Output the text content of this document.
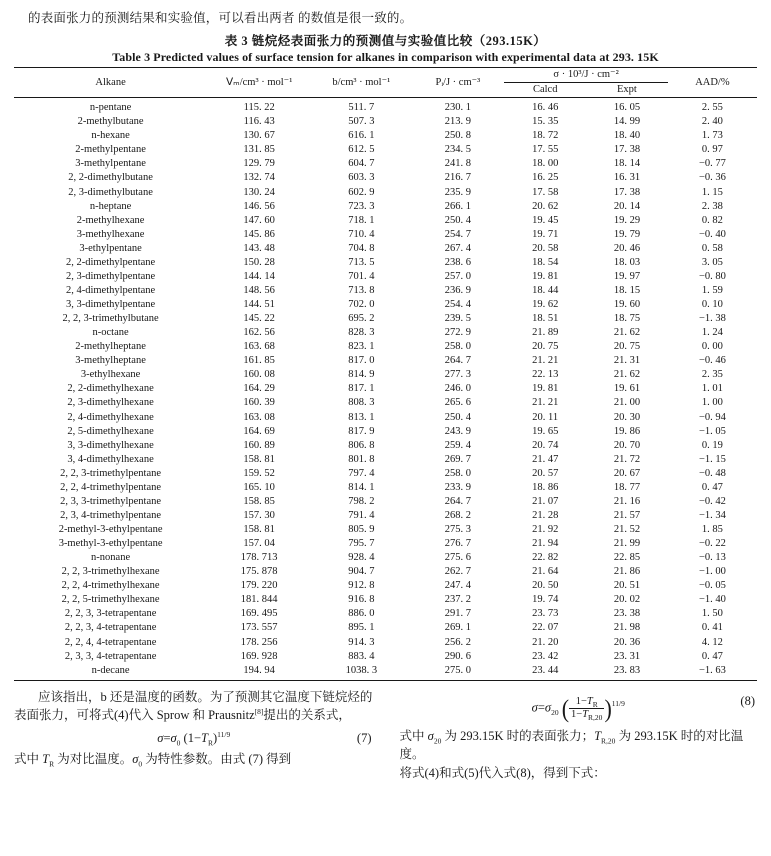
的表面张力的预测结果和实验值，可以看出两者 的数值是很一致的。
表 3 链烷烃表面张力的预测值与实验值比较（293.15K）
Table 3 Predicted values of surface tension for alkanes in comparison with experimental data at 293. 15K
Alkane	Ⅴₘ/cm³ · mol⁻¹	b/cm³ · mol⁻¹	Pᵢ/J · cm⁻³	σ · 10³/J · cm⁻²		AAD/%
				Calcd	Expt	
n-pentane	115. 22	511. 7	230. 1	16. 46	16. 05	2. 55
2-methylbutane	116. 43	507. 3	213. 9	15. 35	14. 99	2. 40
n-hexane	130. 67	616. 1	250. 8	18. 72	18. 40	1. 73
2-methylpentane	131. 85	612. 5	234. 5	17. 55	17. 38	0. 97
3-methylpentane	129. 79	604. 7	241. 8	18. 00	18. 14	−0. 77
2, 2-dimethylbutane	132. 74	603. 3	216. 7	16. 25	16. 31	−0. 36
2, 3-dimethylbutane	130. 24	602. 9	235. 9	17. 58	17. 38	1. 15
n-heptane	146. 56	723. 3	266. 1	20. 62	20. 14	2. 38
2-methylhexane	147. 60	718. 1	250. 4	19. 45	19. 29	0. 82
3-methylhexane	145. 86	710. 4	254. 7	19. 71	19. 79	−0. 40
3-ethylpentane	143. 48	704. 8	267. 4	20. 58	20. 46	0. 58
2, 2-dimethylpentane	150. 28	713. 5	238. 6	18. 54	18. 03	3. 05
2, 3-dimethylpentane	144. 14	701. 4	257. 0	19. 81	19. 97	−0. 80
2, 4-dimethylpentane	148. 56	713. 8	236. 9	18. 44	18. 15	1. 59
3, 3-dimethylpentane	144. 51	702. 0	254. 4	19. 62	19. 60	0. 10
2, 2, 3-trimethylbutane	145. 22	695. 2	239. 5	18. 51	18. 75	−1. 38
n-octane	162. 56	828. 3	272. 9	21. 89	21. 62	1. 24
2-methylheptane	163. 68	823. 1	258. 0	20. 75	20. 75	0. 00
3-methylheptane	161. 85	817. 0	264. 7	21. 21	21. 31	−0. 46
3-ethylhexane	160. 08	814. 9	277. 3	22. 13	21. 62	2. 35
2, 2-dimethylhexane	164. 29	817. 1	246. 0	19. 81	19. 61	1. 01
2, 3-dimethylhexane	160. 39	808. 3	265. 6	21. 21	21. 00	1. 00
2, 4-dimethylhexane	163. 08	813. 1	250. 4	20. 11	20. 30	−0. 94
2, 5-dimethylhexane	164. 69	817. 9	243. 9	19. 65	19. 86	−1. 05
3, 3-dimethylhexane	160. 89	806. 8	259. 4	20. 74	20. 70	0. 19
3, 4-dimethylhexane	158. 81	801. 8	269. 7	21. 47	21. 72	−1. 15
2, 2, 3-trimethylpentane	159. 52	797. 4	258. 0	20. 57	20. 67	−0. 48
2, 2, 4-trimethylpentane	165. 10	814. 1	233. 9	18. 86	18. 77	0. 47
2, 3, 3-trimethylpentane	158. 85	798. 2	264. 7	21. 07	21. 16	−0. 42
2, 3, 4-trimethylpentane	157. 30	791. 4	268. 2	21. 28	21. 57	−1. 34
2-methyl-3-ethylpentane	158. 81	805. 9	275. 3	21. 92	21. 52	1. 85
3-methyl-3-ethylpentane	157. 04	795. 7	276. 7	21. 94	21. 99	−0. 22
n-nonane	178. 713	928. 4	275. 6	22. 82	22. 85	−0. 13
2, 2, 3-trimethylhexane	175. 878	904. 7	262. 7	21. 64	21. 86	−1. 00
2, 2, 4-trimethylhexane	179. 220	912. 8	247. 4	20. 50	20. 51	−0. 05
2, 2, 5-trimethylhexane	181. 844	916. 8	237. 2	19. 74	20. 02	−1. 40
2, 2, 3, 3-tetrapentane	169. 495	886. 0	291. 7	23. 73	23. 38	1. 50
2, 2, 3, 4-tetrapentane	173. 557	895. 1	269. 1	22. 07	21. 98	0. 41
2, 2, 4, 4-tetrapentane	178. 256	914. 3	256. 2	21. 20	20. 36	4. 12
2, 3, 3, 4-tetrapentane	169. 928	883. 4	290. 6	23. 42	23. 31	0. 47
n-decane	194. 94	1038. 3	275. 0	23. 44	23. 83	−1. 63
应该指出，b 还是温度的函数。为了预测其它温度下链烷烃的表面张力，可将式(4)代入 Sprow 和 Prausnitz[8]提出的关系式，
$\sigma=\sigma_0$ $(1-T_R)^{11/9}$	(7)
式中 $T_R$ 为对比温度。$\sigma_0$ 为特性参数。由式 (7) 得到
$\sigma=\sigma_{20}$ ( $\frac{1-T_R}{1-T_{R,20}} )^{11/9}$	(8)
式中 $\sigma_{20}$ 为 293.15K 时的表面张力；$T_{R,20}$ 为 293.15K 时的对比温度。
将式(4)和式(5)代入式(8)，得到下式：
